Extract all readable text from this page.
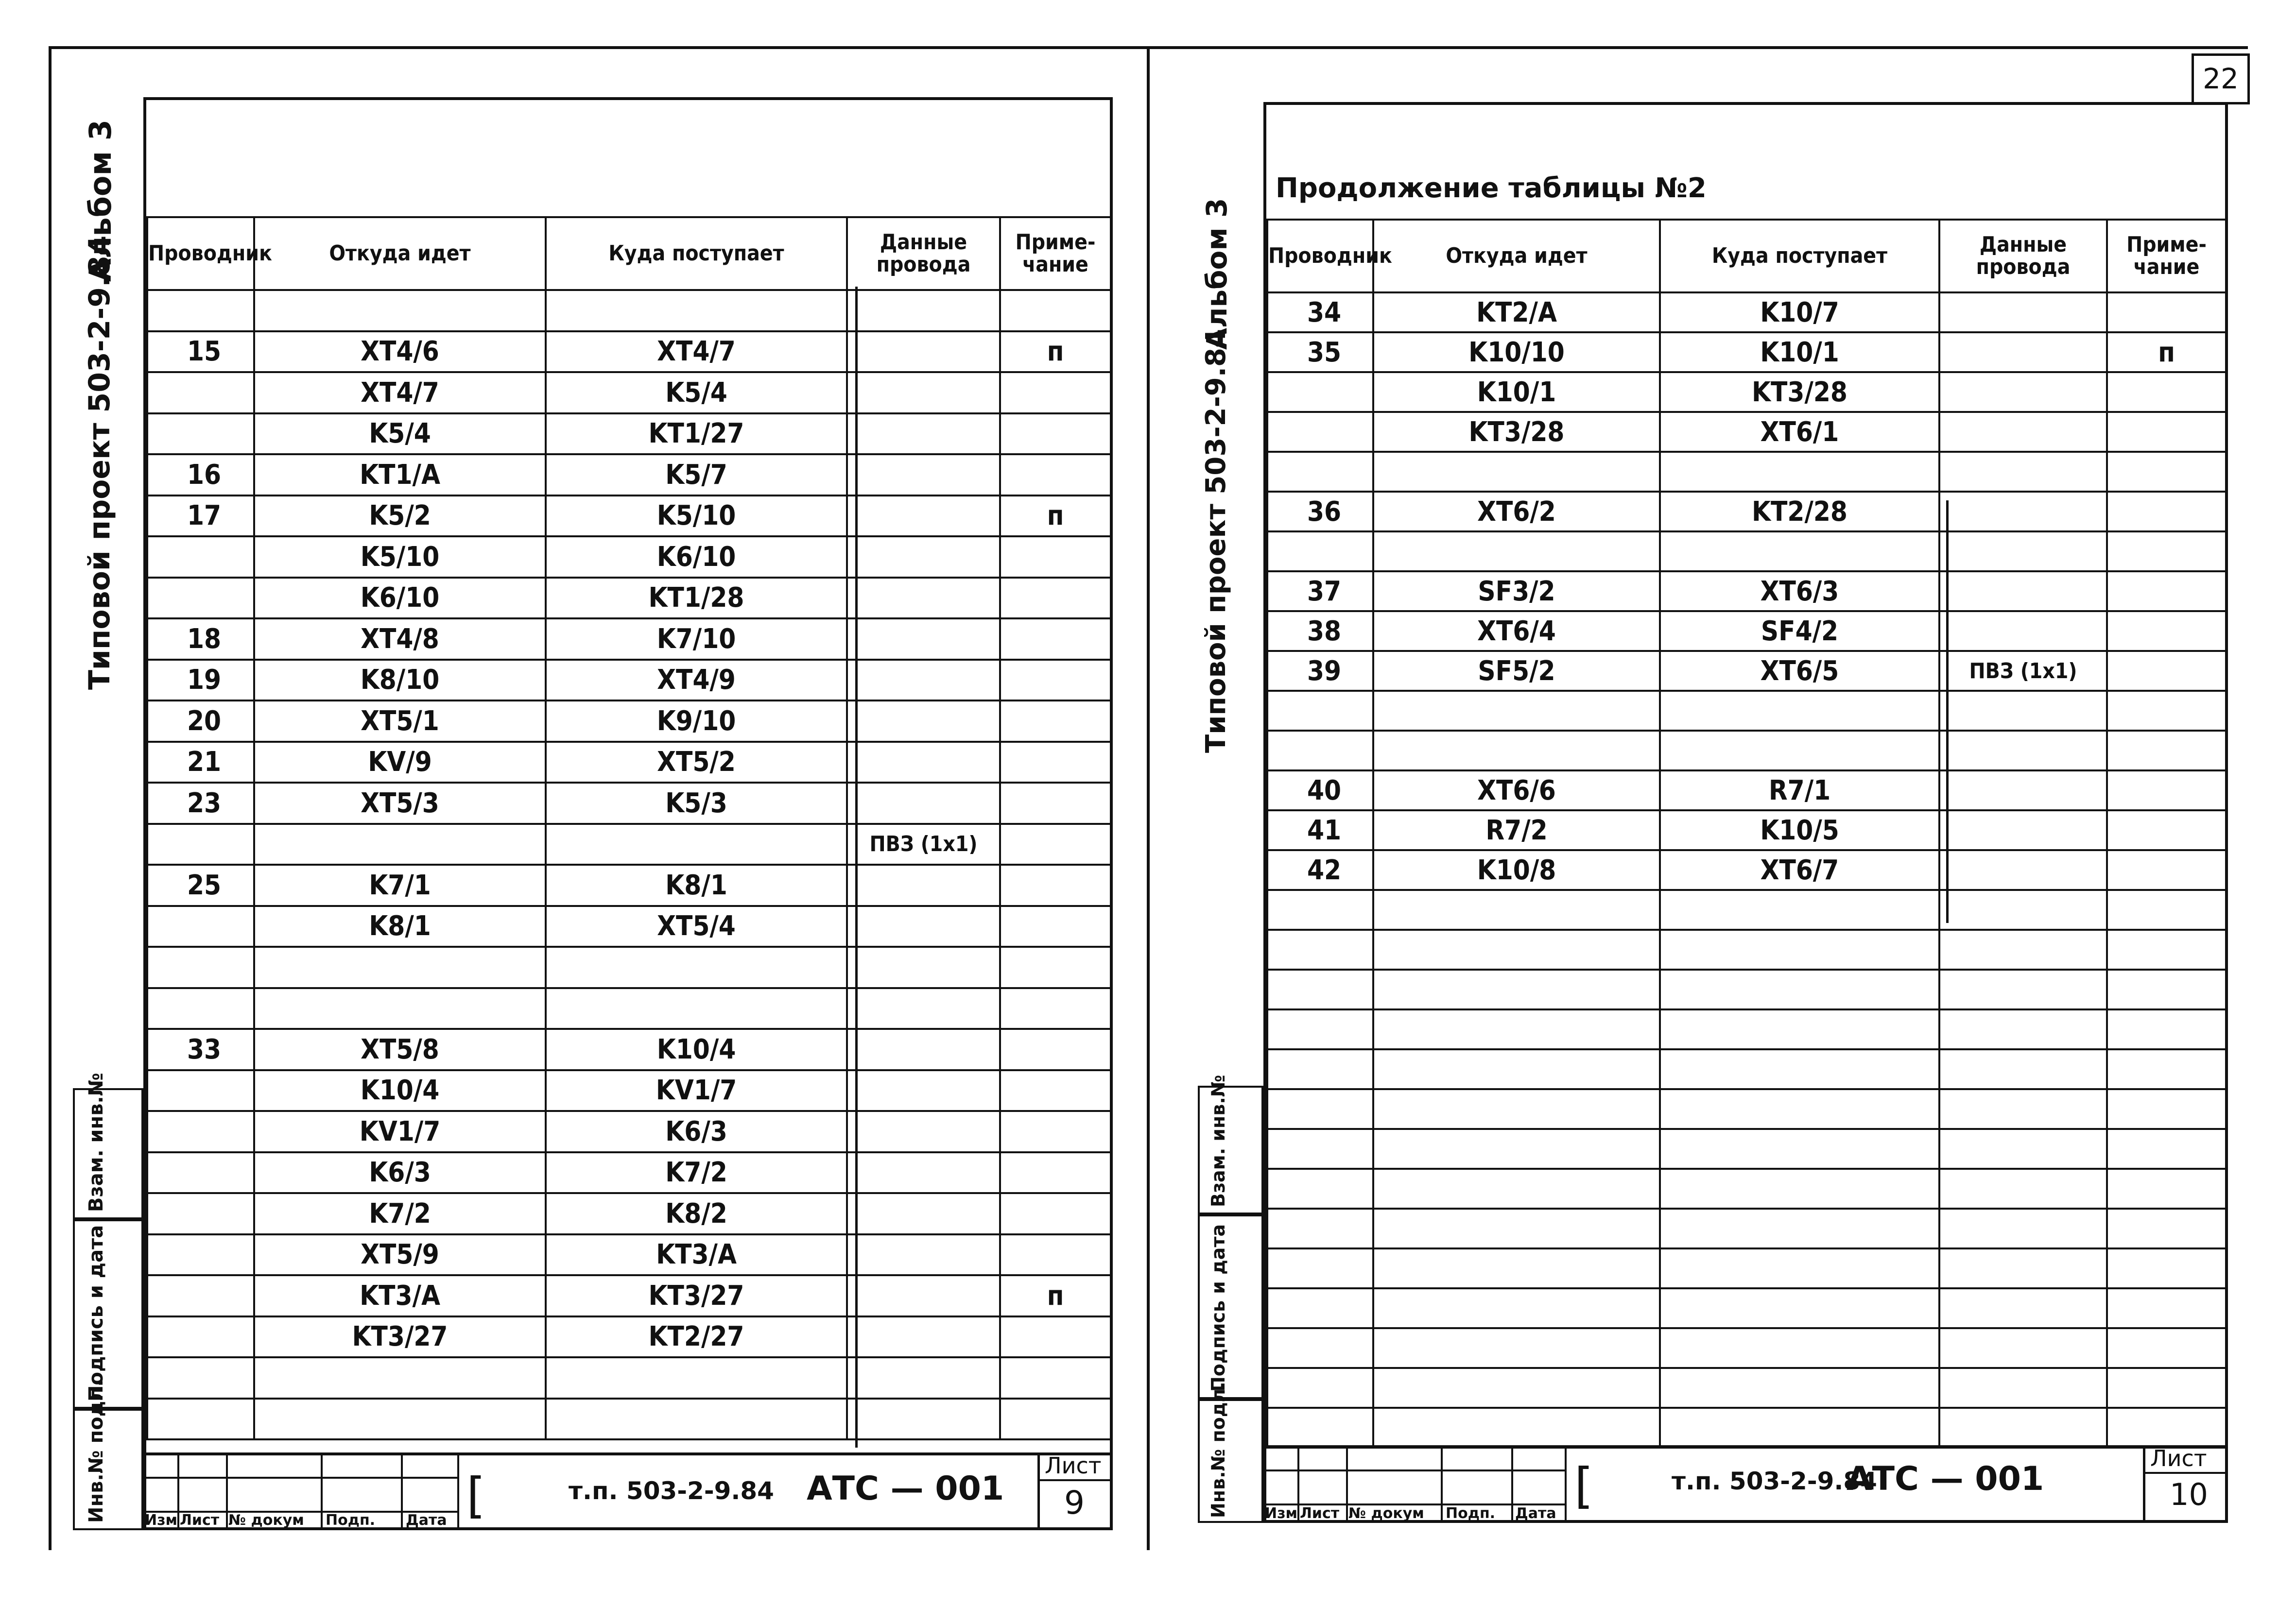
22
Альбом 3
Типовой проект 503-2-9.84
Инв.№ подл.
Подпись и дата
Взам. инв.№
Проводник	Откуда идет	Куда поступает	Данные провода	Приме-чание

15	XT4/6	XT4/7		п
	XT4/7	K5/4		
	K5/4	KT1/27		
16	KT1/A	K5/7		
17	K5/2	K5/10		п
	K5/10	K6/10		
	K6/10	KT1/28		
18	XT4/8	K7/10		
19	K8/10	XT4/9		
20	XT5/1	K9/10		
21	KV/9	XT5/2		
23	XT5/3	K5/3		
			ПВЗ (1х1)	
25	K7/1	K8/1		
	K8/1	XT5/4		

33	XT5/8	K10/4		
	K10/4	KV1/7		
	KV1/7	K6/3		
	K6/3	K7/2		
	K7/2	K8/2		
	XT5/9	KT3/A		
	KT3/A	KT3/27		п
	KT3/27	KT2/27		

Изм Лист № докум Подп. Дата [	т.п. 503-2-9.84 АТС — 001
Лист
9
Продолжение таблицы №2
Альбом 3
Типовой проект 503-2-9.84
Инв.№ подл.
Подпись и дата
Взам. инв.№
Проводник	Откуда идет	Куда поступает	Данные провода	Приме-чание
34	KT2/A	K10/7		
35	K10/10	K10/1		п
	K10/1	KT3/28		
	KT3/28	XT6/1		

36	XT6/2	KT2/28		

37	SF3/2	XT6/3		
38	XT6/4	SF4/2		
39	SF5/2	XT6/5	ПВЗ (1х1)	

40	XT6/6	R7/1		
41	R7/2	K10/5		
42	K10/8	XT6/7		

Изм Лист № докум Подп. Дата [	т.п. 503-2-9.84
АТС — 001
Лист
10
